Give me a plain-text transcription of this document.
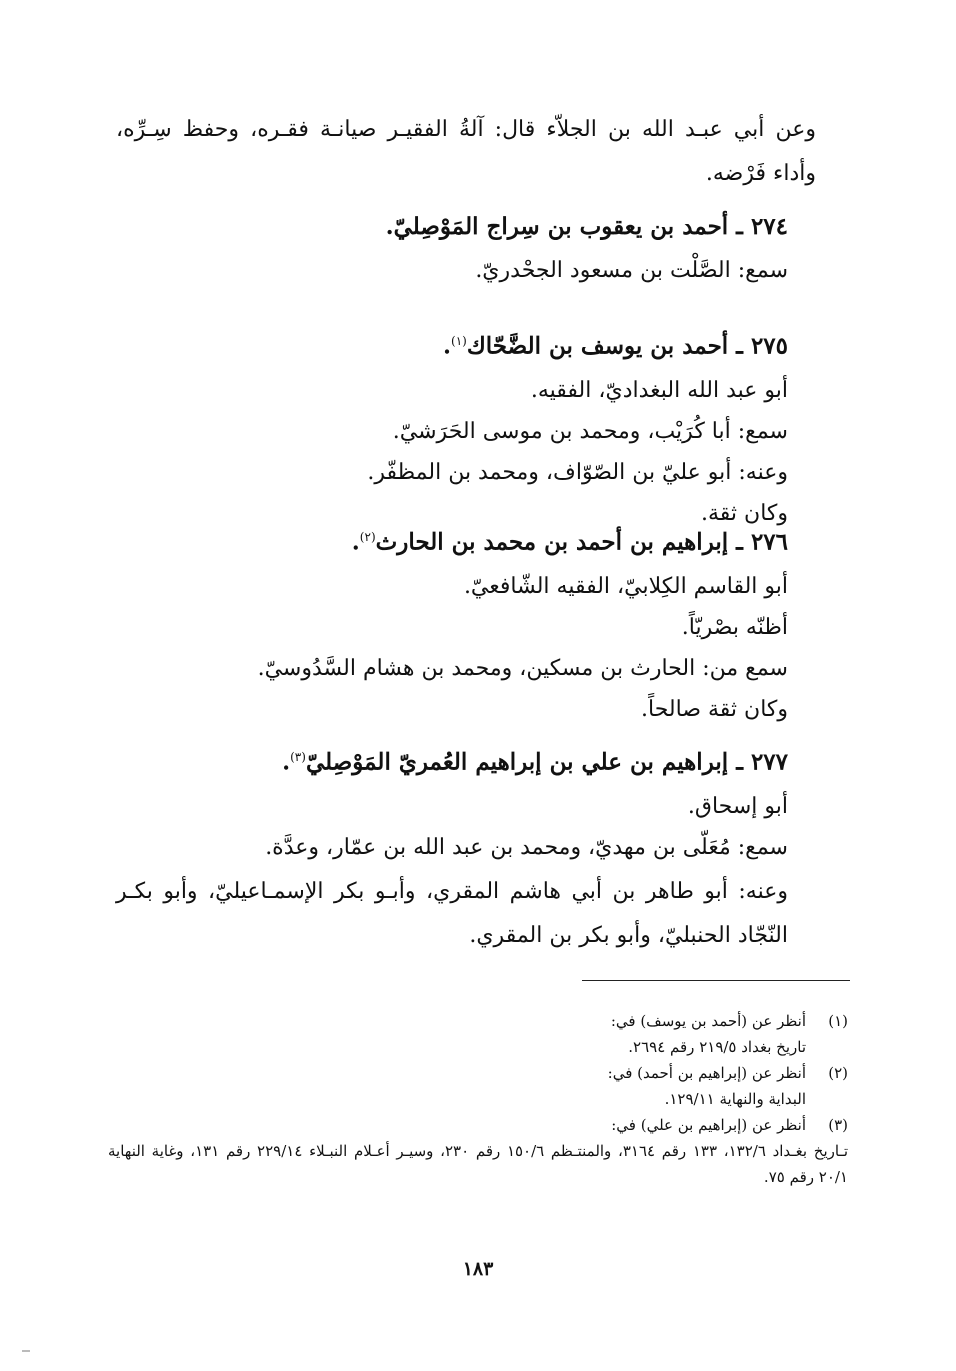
وعن أبي عبـد الله بن الجلاّء قال: آلةُ الفقيـر صيانـة فقـره، وحفظ سِـرِّه، وأداء فَرْضه.

٢٧٤ ـ أحمد بن يعقوب بن سِراج المَوْصِليّ.
سمع: الصَّلْت بن مسعود الجحْدريّ.
٢٧٥ ـ أحمد بن يوسف بن الضَّحّاك$^{(١)}$.
أبو عبد الله البغداديّ، الفقيه.
سمع: أبا كُرَيْب، ومحمد بن موسى الحَرَشيّ.
وعنه: أبو عليّ بن الصّوّاف، ومحمد بن المظفّر.
وكان ثقة.
٢٧٦ ـ إبراهيم بن أحمد بن محمد بن الحارث$^{(٢)}$.
أبو القاسم الكِلابيّ، الفقيه الشّافعيّ.
أظنّه بصْريّاً.
سمع من: الحارث بن مسكين، ومحمد بن هشام السَّدُوسيّ.
وكان ثقة صالحاً.
٢٧٧ ـ إبراهيم بن علي بن إبراهيم العُمريّ المَوْصِليّ$^{(٣)}$.
أبو إسحاق.
سمع: مُعَلّى بن مهديّ، ومحمد بن عبد الله بن عمّار، وعدَّة.

وعنه: أبو طاهر بن أبي هاشم المقري، وأبـو بكر الإسمـاعيليّ، وأبو بكـر النّجّاد الحنبليّ، وأبو بكر بن المقري.

(١)
أنظر عن (أحمد بن يوسف) في:
تاريخ بغداد ٢١٩/٥ رقم ٢٦٩٤.
(٢)
أنظر عن (إبراهيم بن أحمد) في:
البداية والنهاية ١٢٩/١١.
(٣)
أنظر عن (إبراهيم بن علي) في:
تـاريخ بغـداد ١٣٢/٦، ١٣٣ رقم ٣١٦٤، والمنتـظم ١٥٠/٦ رقم ٢٣٠، وسيـر أعـلام النبـلاء ٢٢٩/١٤ رقم ١٣١، وغاية النهاية ٢٠/١ رقم ٧٥.
١٨٣
